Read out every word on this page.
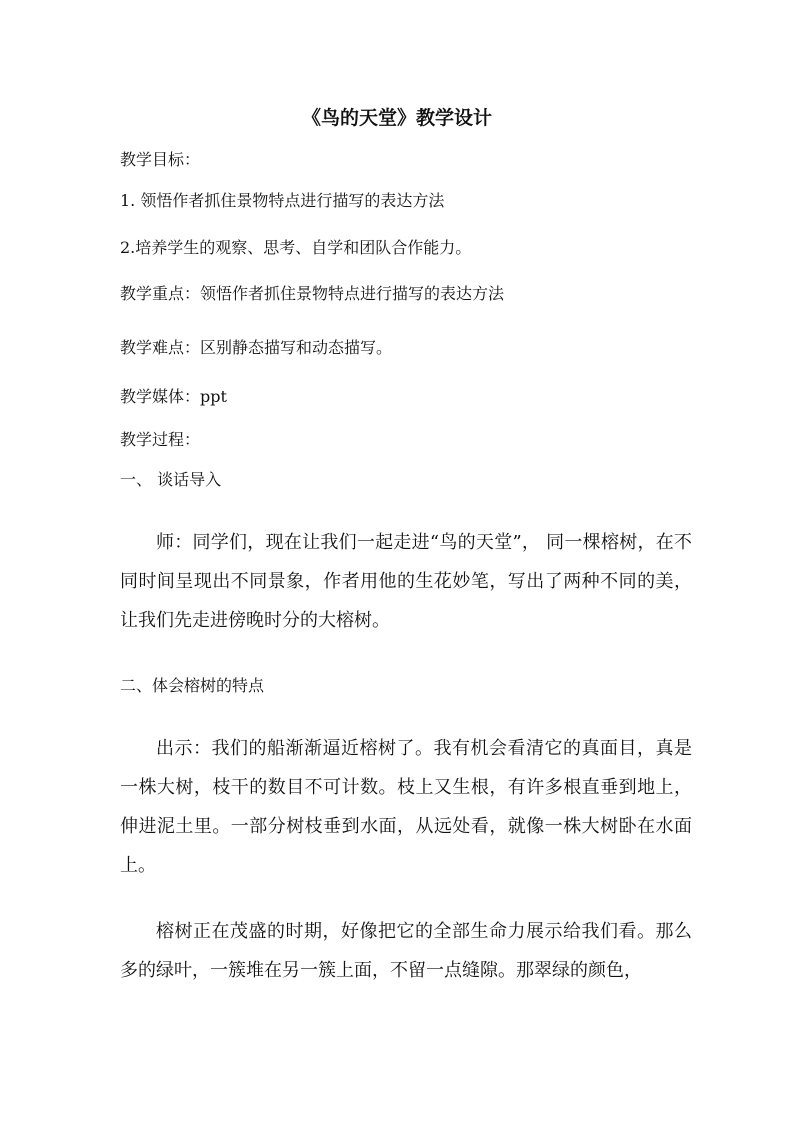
《鸟的天堂》教学设计
教学目标：
1. 领悟作者抓住景物特点进行描写的表达方法
2.培养学生的观察、思考、自学和团队合作能力。
教学重点：领悟作者抓住景物特点进行描写的表达方法
教学难点：区别静态描写和动态描写。
教学媒体：ppt
教学过程：
一、 谈话导入
师：同学们，现在让我们一起走进“鸟的天堂”， 同一棵榕树，在不同时间呈现出不同景象，作者用他的生花妙笔，写出了两种不同的美，让我们先走进傍晚时分的大榕树。
二、体会榕树的特点
出示：我们的船渐渐逼近榕树了。我有机会看清它的真面目，真是一株大树，枝干的数目不可计数。枝上又生根，有许多根直垂到地上，伸进泥土里。一部分树枝垂到水面，从远处看，就像一株大树卧在水面上。
榕树正在茂盛的时期，好像把它的全部生命力展示给我们看。那么多的绿叶，一簇堆在另一簇上面，不留一点缝隙。那翠绿的颜色，
